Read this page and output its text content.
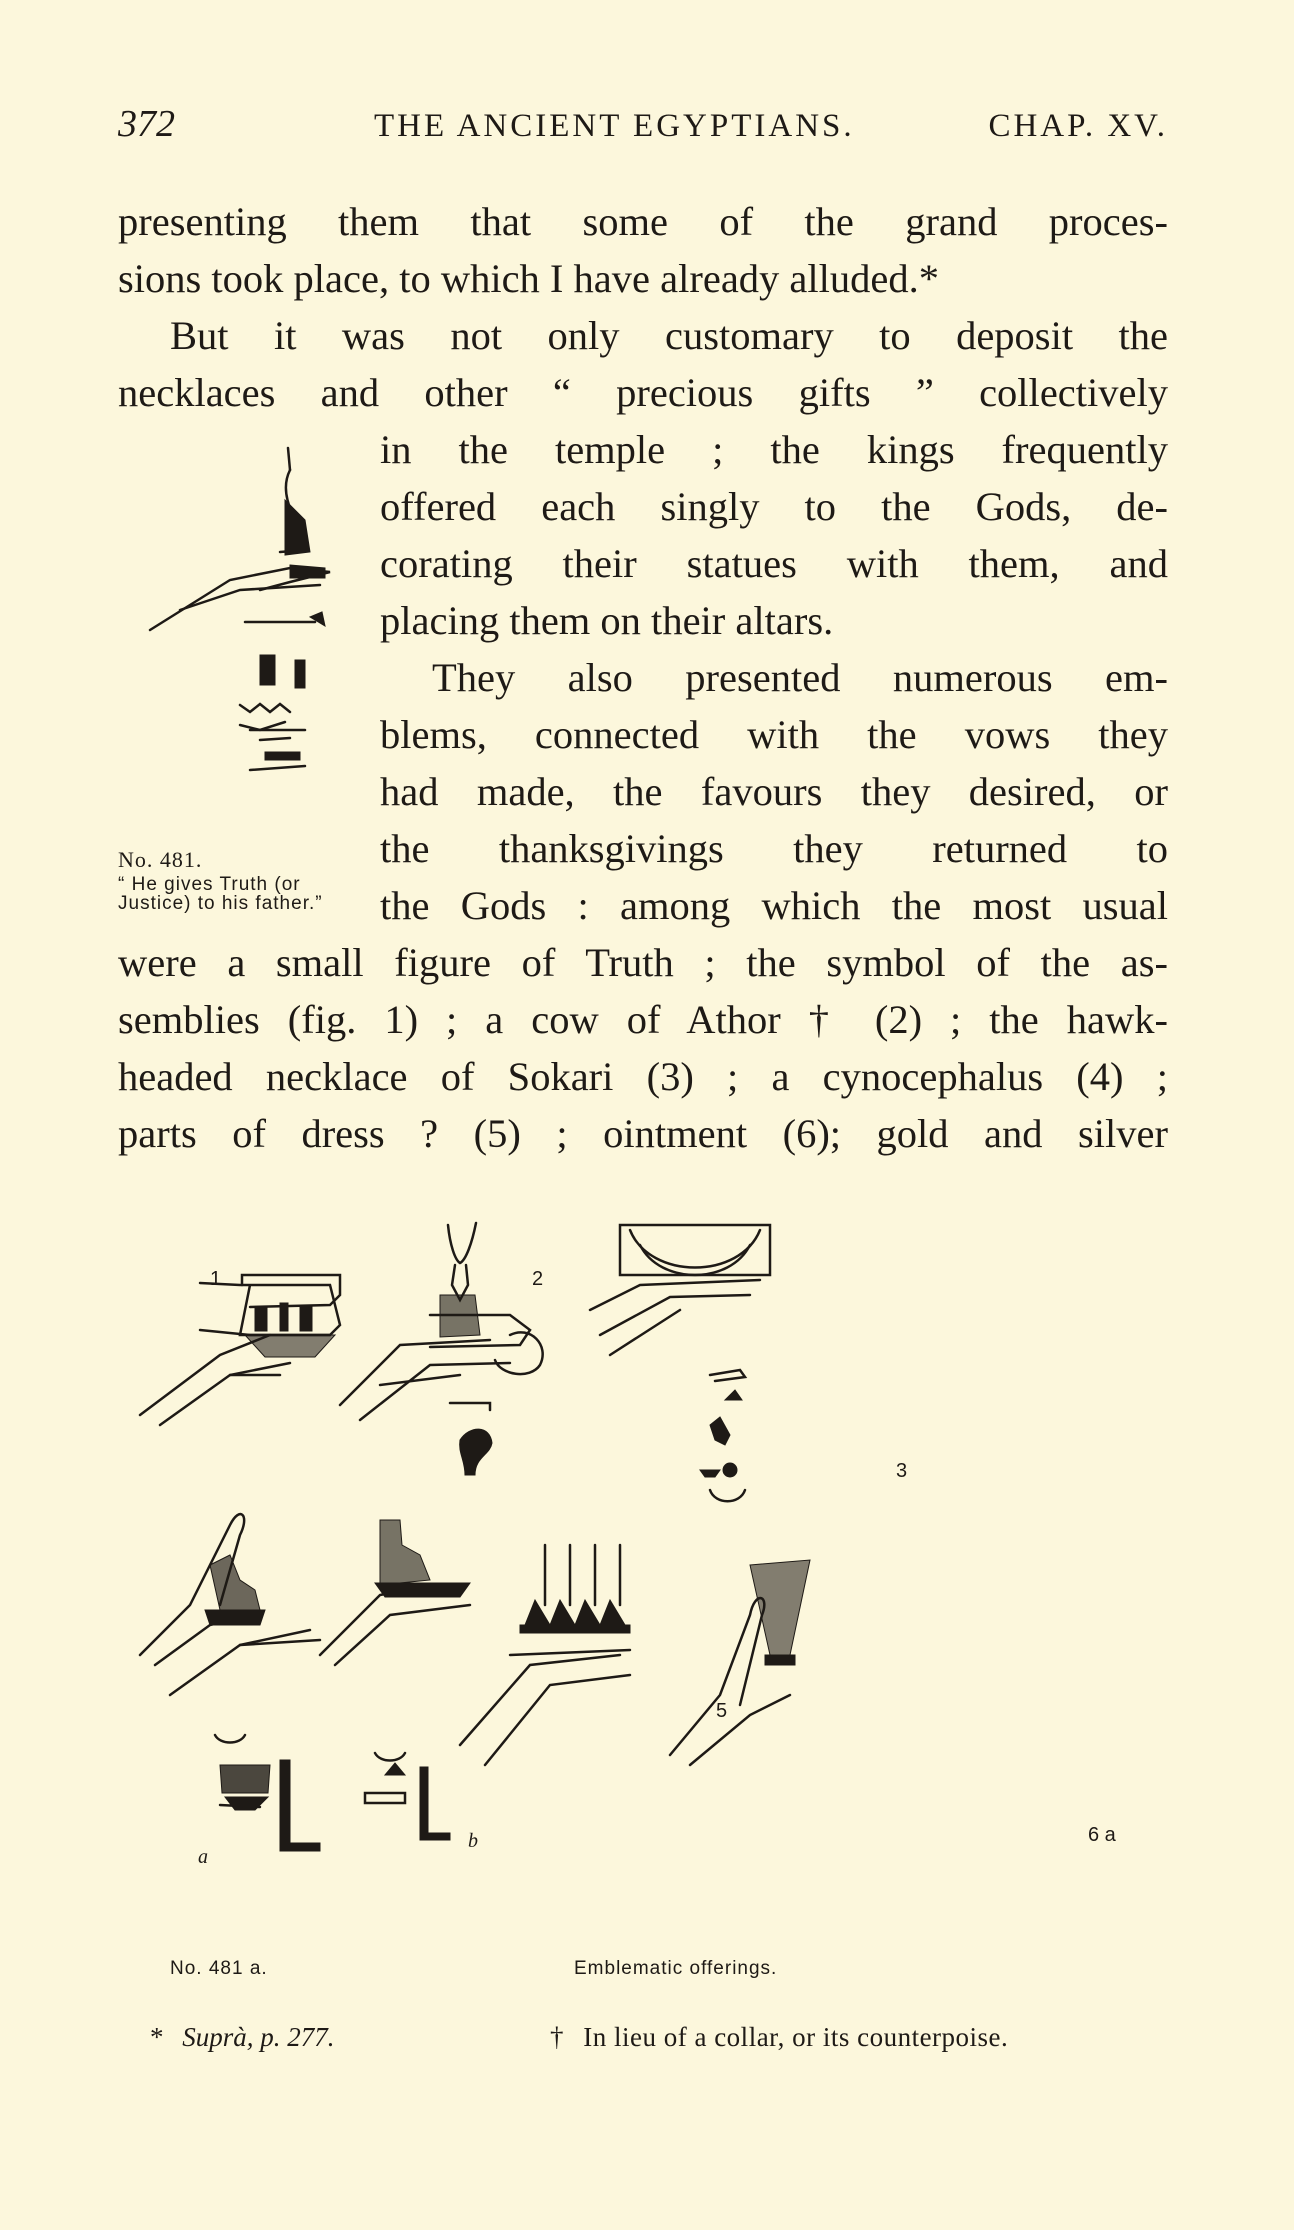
372	THE ANCIENT EGYPTIANS.	CHAP. XV.
presenting them that some of the grand proces-
sions took place, to which I have already alluded.*
But it was not only customary to deposit the
necklaces and other “ precious gifts ” collectively
in the temple ; the kings frequently
offered each singly to the Gods, de-
corating their statues with them, and
placing them on their altars.
They also presented numerous em-
blems, connected with the vows they
had made, the favours they desired, or
the thanksgivings they returned to
the Gods : among which the most usual
were a small figure of Truth ; the symbol of the as-
semblies (fig. 1) ; a cow of Athor † (2) ; the hawk-
headed necklace of Sokari (3) ; a cynocephalus (4) ;
parts of dress ? (5) ; ointment (6); gold and silver
No. 481.
“ He gives Truth (or
Justice) to his father.”
1	2
3
5
6 a
a
b
No. 481 a.	Emblematic offerings.
* Suprà, p. 277.	† In lieu of a collar, or its counterpoise.
